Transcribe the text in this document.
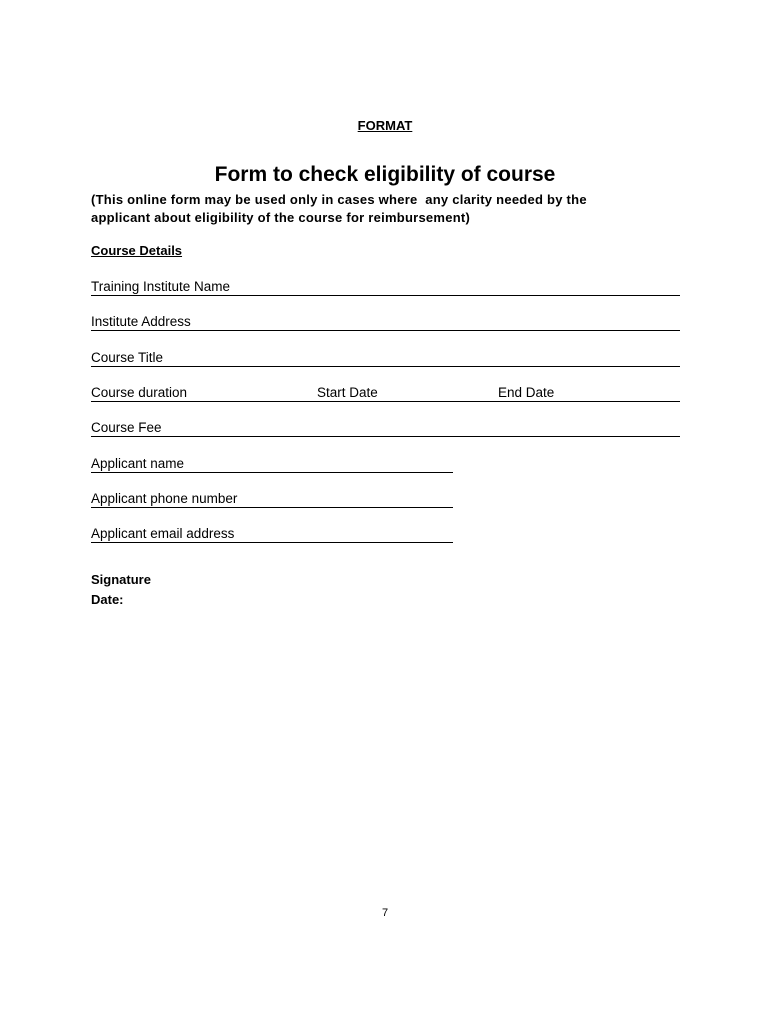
FORMAT
Form to check eligibility of course
(This online form may be used only in cases where  any clarity needed by the
applicant about eligibility of the course for reimbursement)
Course Details
Training Institute Name
Institute Address
Course Title
Course duration	Start Date	End Date
Course Fee
Applicant name
Applicant phone number
Applicant email address
Signature
Date:
7
